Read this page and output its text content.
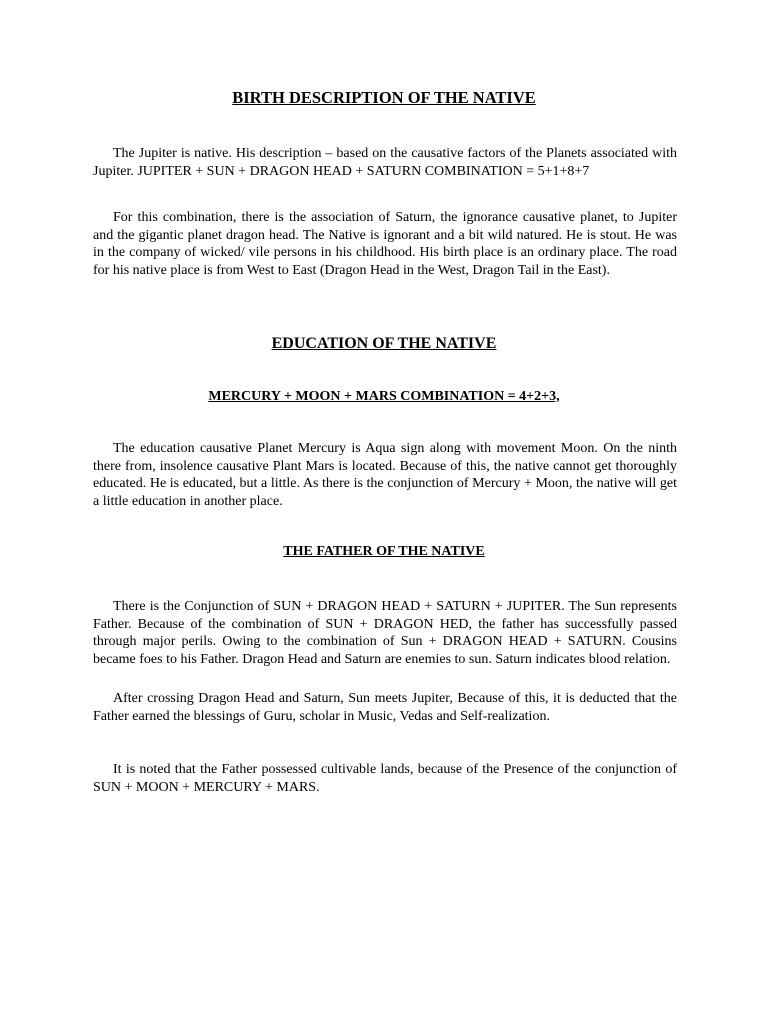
BIRTH DESCRIPTION OF THE NATIVE

The Jupiter is native. His description – based on the causative factors of the Planets associated with Jupiter. JUPITER + SUN + DRAGON HEAD + SATURN COMBINATION = 5+1+8+7

For this combination, there is the association of Saturn, the ignorance causative planet, to Jupiter and the gigantic planet dragon head. The Native is ignorant and a bit wild natured. He is stout. He was in the company of wicked/ vile persons in his childhood. His birth place is an ordinary place. The road for his native place is from West to East (Dragon Head in the West, Dragon Tail in the East).

EDUCATION OF THE NATIVE
MERCURY + MOON + MARS COMBINATION = 4+2+3,

The education causative Planet Mercury is Aqua sign along with movement Moon. On the ninth there from, insolence causative Plant Mars is located. Because of this, the native cannot get thoroughly educated. He is educated, but a little. As there is the conjunction of Mercury + Moon, the native will get a little education in another place.

THE FATHER OF THE NATIVE

There is the Conjunction of SUN + DRAGON HEAD + SATURN + JUPITER. The Sun represents Father. Because of the combination of SUN + DRAGON HED, the father has successfully passed through major perils. Owing to the combination of Sun + DRAGON HEAD + SATURN. Cousins became foes to his Father. Dragon Head and Saturn are enemies to sun. Saturn indicates blood relation.

After crossing Dragon Head and Saturn, Sun meets Jupiter, Because of this, it is deducted that the Father earned the blessings of Guru, scholar in Music, Vedas and Self-realization.

It is noted that the Father possessed cultivable lands, because of the Presence of the conjunction of SUN + MOON + MERCURY + MARS.
